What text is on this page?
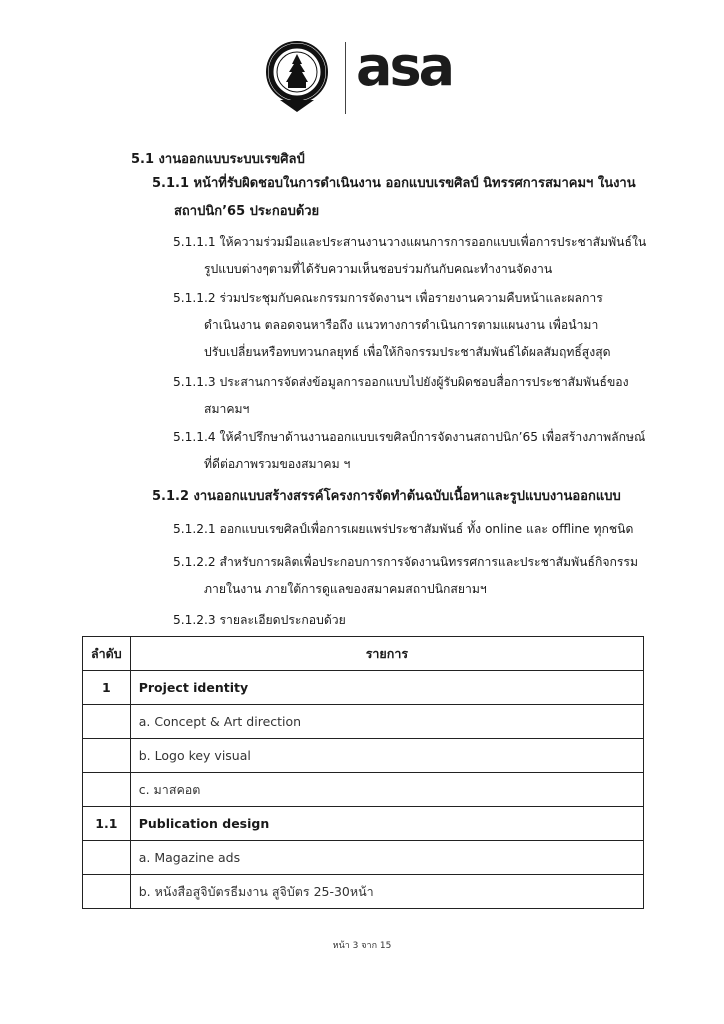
asa
5.1 งานออกแบบระบบเรขศิลป์
5.1.1 หน้าที่รับผิดชอบในการดำเนินงาน ออกแบบเรขศิลป์ นิทรรศการสมาคมฯ ในงาน
สถาปนิก’65 ประกอบด้วย
5.1.1.1 ให้ความร่วมมือและประสานงานวางแผนการการออกแบบเพื่อการประชาสัมพันธ์ใน
รูปแบบต่างๆตามที่ได้รับความเห็นชอบร่วมกันกับคณะทำงานจัดงาน
5.1.1.2 ร่วมประชุมกับคณะกรรมการจัดงานฯ เพื่อรายงานความคืบหน้าและผลการ
ดำเนินงาน ตลอดจนหารือถึง แนวทางการดำเนินการตามแผนงาน เพื่อนำมา
ปรับเปลี่ยนหรือทบทวนกลยุทธ์ เพื่อให้กิจกรรมประชาสัมพันธ์ได้ผลสัมฤทธิ์สูงสุด
5.1.1.3 ประสานการจัดส่งข้อมูลการออกแบบไปยังผู้รับผิดชอบสื่อการประชาสัมพันธ์ของ
สมาคมฯ
5.1.1.4 ให้คำปรึกษาด้านงานออกแบบเรขศิลป์การจัดงานสถาปนิก’65 เพื่อสร้างภาพลักษณ์
ที่ดีต่อภาพรวมของสมาคม ฯ
5.1.2 งานออกแบบสร้างสรรค์โครงการจัดทำต้นฉบับเนื้อหาและรูปแบบงานออกแบบ
5.1.2.1 ออกแบบเรขศิลป์เพื่อการเผยแพร่ประชาสัมพันธ์ ทั้ง online และ offline ทุกชนิด
5.1.2.2 สำหรับการผลิตเพื่อประกอบการการจัดงานนิทรรศการและประชาสัมพันธ์กิจกรรม
ภายในงาน ภายใต้การดูแลของสมาคมสถาปนิกสยามฯ
5.1.2.3 รายละเอียดประกอบด้วย
ลำดับ	รายการ
1	Project identity
	a. Concept & Art direction
	b. Logo key visual
	c. มาสคอต
1.1	Publication design
	a. Magazine ads
	b. หนังสือสูจิบัตรธีมงาน สูจิบัตร 25-30หน้า
หน้า 3 จาก 15
